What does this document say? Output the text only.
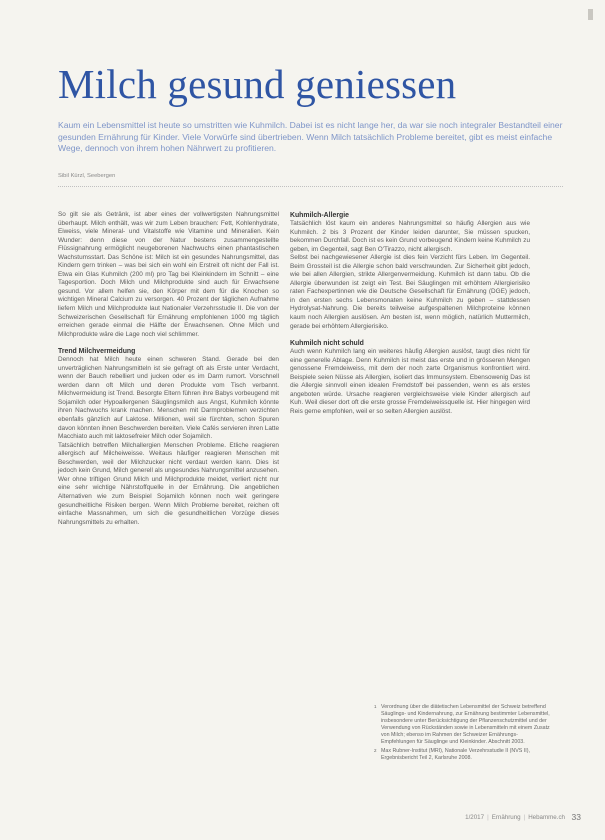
Milch gesund geniessen

Kaum ein Lebensmittel ist heute so umstritten wie Kuhmilch. Dabei ist es nicht lange her, da war sie noch integraler Bestandteil einer gesunden Ernährung für Kinder. Viele Vorwürfe sind übertrieben. Wenn Milch tatsächlich Probleme bereitet, gibt es meist einfache Wege, dennoch von ihrem hohen Nährwert zu profitieren.

Sibil Kürzl, Seebergen

So gilt sie als Getränk, ist aber eines der vollwertigsten Nahrungsmittel überhaupt. Milch enthält, was wir zum Leben brauchen: Fett, Kohlenhydrate, Eiweiss, viele Mineral- und Vitalstoffe wie Vitamine und Mineralien. Kein Wunder: denn diese von der Natur bestens zusammengestellte Flüssignahrung ermöglicht neugeborenen Nachwuchs einen phantastischen Wachstumsstart. Das Schöne ist: Milch ist ein gesundes Nahrungsmittel, das Kindern gern trinken – was bei sich ein wohl ein Erstreit oft nicht der Fall ist. Etwa ein Glas Kuhmilch (200 ml) pro Tag bei Kleinkindern im Schnitt – eine Tagesportion. Doch Milch und Milchprodukte sind auch für Erwachsene gesund. Vor allem helfen sie, den Körper mit dem für die Knochen so wichtigen Mineral Calcium zu versorgen. 40 Prozent der täglichen Aufnahme liefern Milch und Milchprodukte laut Nationaler Verzehrsstudie II. Die von der Schweizerischen Gesellschaft für Ernährung empfohlenen 1000 mg täglich erreichen gerade einmal die Hälfte der Erwachsenen. Ohne Milch und Milchprodukte wäre die Lage noch viel schlimmer.

Trend Milchvermeidung

Dennoch hat Milch heute einen schweren Stand. Gerade bei den unverträglichen Nahrungsmitteln ist sie gefragt oft als Erste unter Verdacht, wenn der Bauch rebelliert und jucken oder es im Darm rumort. Vorschnell werden dann oft Milch und deren Produkte vom Tisch verbannt. Milchvermeidung ist Trend. Besorgte Eltern führen ihre Babys vorbeugend mit Sojamilch oder Hypoallergenen Säuglingsmilch aus Angst, Kuhmilch könnte ihren Nachwuchs krank machen. Menschen mit Darmproblemen verzichten ebenfalls gänzlich auf Laktose. Millionen, weil sie fürchten, schon Spuren davon könnten ihnen Beschwerden bereiten. Viele Cafés servieren ihren Latte Macchiato auch mit laktosefreier Milch oder Sojamilch.

Tatsächlich betreffen Milchallergien Menschen Probleme. Etliche reagieren allergisch auf Milcheiweisse. Weitaus häufiger reagieren Menschen mit Beschwerden, weil der Milchzucker nicht verdaut werden kann. Dies ist jedoch kein Grund, Milch generell als ungesundes Nahrungsmittel anzusehen. Wer ohne triftigen Grund Milch und Milchprodukte meidet, verliert nicht nur eine sehr wichtige Nährstoffquelle in der Ernährung. Die angeblichen Alternativen wie zum Beispiel Sojamilch können noch weit geringere gesundheitliche Risiken bergen. Wenn Milch Probleme bereitet, reichen oft einfache Massnahmen, um sich die gesundheitlichen Vorzüge dieses Nahrungsmittels zu erhalten.

Kuhmilch-Allergie

Tatsächlich löst kaum ein anderes Nahrungsmittel so häufig Allergien aus wie Kuhmilch. 2 bis 3 Prozent der Kinder leiden darunter, Sie müssen spucken, bekommen Durchfall. Doch ist es kein Grund vorbeugend Kindern keine Kuhmilch zu geben, im Gegenteil, sagt Ben O'Tirazzo, nicht allergisch.

Selbst bei nachgewiesener Allergie ist dies fein Verzicht fürs Leben. Im Gegenteil. Beim Grossteil ist die Allergie schon bald verschwunden. Zur Sicherheit gibt jedoch, wie bei allen Allergien, strikte Allergenvermeidung. Kuhmilch ist dann tabu. Ob die Allergie überwunden ist zeigt ein Test. Bei Säuglingen mit erhöhtem Allergierisiko raten Fachexpertinnen wie die Deutsche Gesellschaft für Ernährung (DGE) jedoch, in den ersten sechs Lebensmonaten keine Kuhmilch zu geben – stattdessen Hydrolysat-Nahrung. Die bereits teilweise aufgespaltenen Milchproteine können kaum noch Allergien auslösen. Am besten ist, wenn möglich, natürlich Muttermilch, gerade bei erhöhtem Allergierisiko.

Kuhmilch nicht schuld

Auch wenn Kuhmilch lang ein weiteres häufig Allergien auslöst, taugt dies nicht für eine generelle Ablage. Denn Kuhmilch ist meist das erste und in grösseren Mengen genossene Fremdeiweiss, mit dem der noch zarte Organismus konfrontiert wird. Beispiele seien Nüsse als Allergien, isoliert das Immunsystem. Ebensowenig Das ist die Allergie sinnvoll einen idealen Fremdstoff bei passenden, wenn es als erstes angeboten würde. Ursache reagieren vergleichsweise viele Kinder allergisch auf Kuh. Weil dieser dort oft die erste grosse Fremdeiweissquelle ist. Hier hingegen wird Reis gerne empfohlen, weil er so selten Allergien auslöst.

1 Verordnung über die diätetischen Lebensmittel der Schweiz betreffend Säuglings- und Kindernahrung, zur Ernährung bestimmter Lebensmittel, insbesondere unter Berücksichtigung der Pflanzenschutzmittel und der Verwendung von Rückständen sowie in Lebensmitteln mit einem Zusatz von Milch; ebenso im Rahmen der Schweizer Ernährungs-Empfehlungen für Säuglinge und Kleinkinder. Abschnitt 2003.

2 Max Rubner-Institut (MRI), Nationale Verzehrsstudie II (NVS II), Ergebnisbericht Teil 2, Karlsruhe 2008.

1/2017 | Ernährung | Hebamme.ch 33
